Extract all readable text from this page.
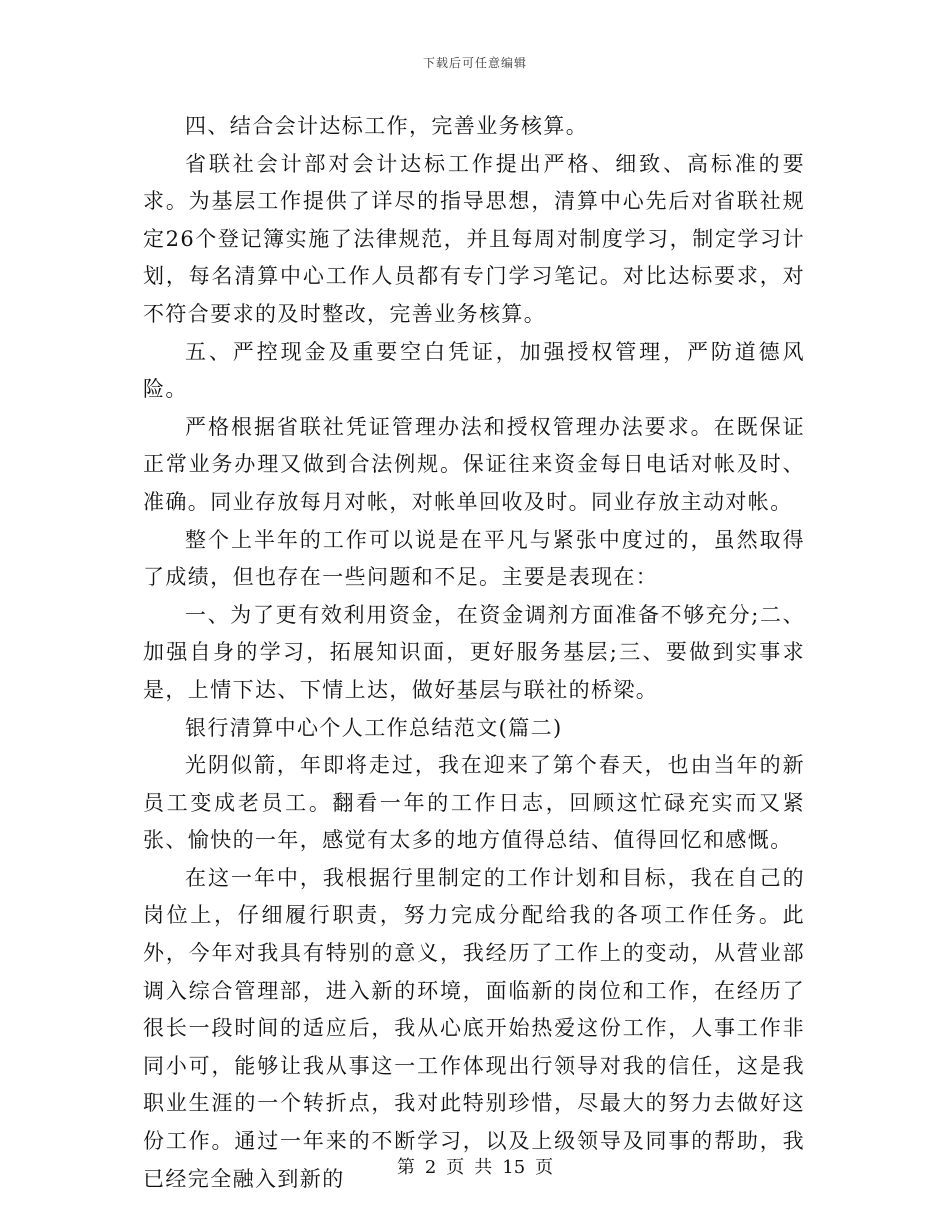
下载后可任意编辑

四、结合会计达标工作，完善业务核算。

省联社会计部对会计达标工作提出严格、细致、高标准的要求。为基层工作提供了详尽的指导思想，清算中心先后对省联社规定26个登记簿实施了法律规范，并且每周对制度学习，制定学习计划，每名清算中心工作人员都有专门学习笔记。对比达标要求，对不符合要求的及时整改，完善业务核算。

五、严控现金及重要空白凭证，加强授权管理，严防道德风险。

严格根据省联社凭证管理办法和授权管理办法要求。在既保证正常业务办理又做到合法例规。保证往来资金每日电话对帐及时、准确。同业存放每月对帐，对帐单回收及时。同业存放主动对帐。

整个上半年的工作可以说是在平凡与紧张中度过的，虽然取得了成绩，但也存在一些问题和不足。主要是表现在：

一、为了更有效利用资金，在资金调剂方面准备不够充分;二、加强自身的学习，拓展知识面，更好服务基层;三、要做到实事求是，上情下达、下情上达，做好基层与联社的桥梁。

银行清算中心个人工作总结范文(篇二)

光阴似箭，年即将走过，我在迎来了第个春天，也由当年的新员工变成老员工。翻看一年的工作日志，回顾这忙碌充实而又紧张、愉快的一年，感觉有太多的地方值得总结、值得回忆和感慨。

在这一年中，我根据行里制定的工作计划和目标，我在自己的岗位上，仔细履行职责，努力完成分配给我的各项工作任务。此外，今年对我具有特别的意义，我经历了工作上的变动，从营业部调入综合管理部，进入新的环境，面临新的岗位和工作，在经历了很长一段时间的适应后，我从心底开始热爱这份工作，人事工作非同小可，能够让我从事这一工作体现出行领导对我的信任，这是我职业生涯的一个转折点，我对此特别珍惜，尽最大的努力去做好这份工作。通过一年来的不断学习，以及上级领导及同事的帮助，我已经完全融入到新的	第 2 页 共 15 页
